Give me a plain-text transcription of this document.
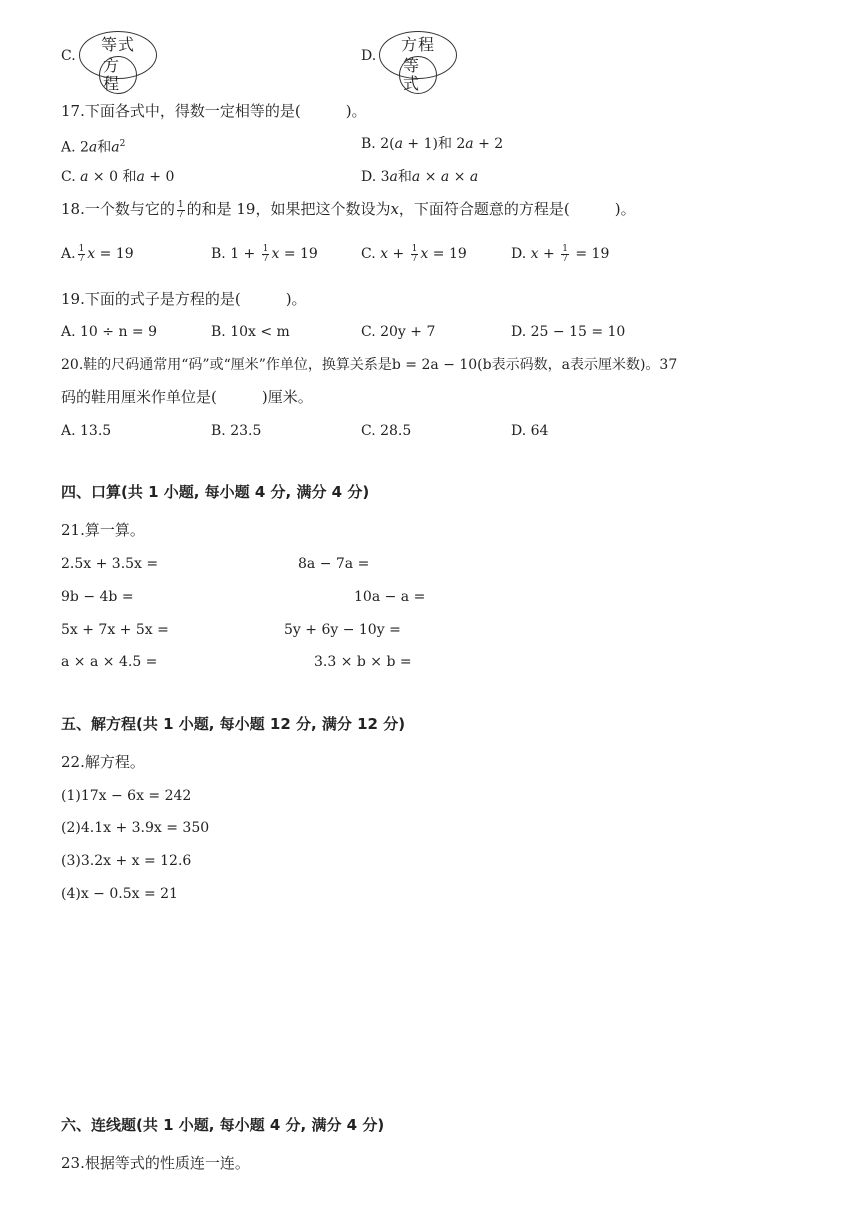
C.
等式
方程
D.
方程
等式
17.下面各式中，得数一定相等的是(　　　)。
A. 2a和$a^2$	B. 2(a + 1)和 2a + 2
C. a × 0 和a + 0	D. 3a和a × a × a
18.一个数与它的 $\frac{1}{7}$ 的和是 19，如果把这个数设为x，下面符合题意的方程是(　　　)。
A. $\frac{1}{7}$ x = 19	B. $1 + \frac{1}{7}$ x = 19	C. $x + \frac{1}{7}$ x = 19	D. $x + \frac{1}{7} = 19$
19.下面的式子是方程的是(　　　)。
A. 10 ÷ n = 9	B. 10x < m	C. 20y + 7	D. 25 − 15 = 10
20.鞋的尺码通常用“码”或“厘米”作单位，换算关系是b = 2a − 10(b表示码数，a表示厘米数)。37
码的鞋用厘米作单位是(　　　)厘米。
A. 13.5	B. 23.5	C. 28.5	D. 64
四、口算(共 1 小题, 每小题 4 分, 满分 4 分)
21.算一算。
2.5x + 3.5x =	8a − 7a =
9b − 4b =	10a − a =
5x + 7x + 5x =	5y + 6y − 10y =
a × a × 4.5 =	3.3 × b × b =
五、解方程(共 1 小题, 每小题 12 分, 满分 12 分)
22.解方程。
(1)17x − 6x = 242
(2)4.1x + 3.9x = 350
(3)3.2x + x = 12.6
(4)x − 0.5x = 21
六、连线题(共 1 小题, 每小题 4 分, 满分 4 分)
23.根据等式的性质连一连。
